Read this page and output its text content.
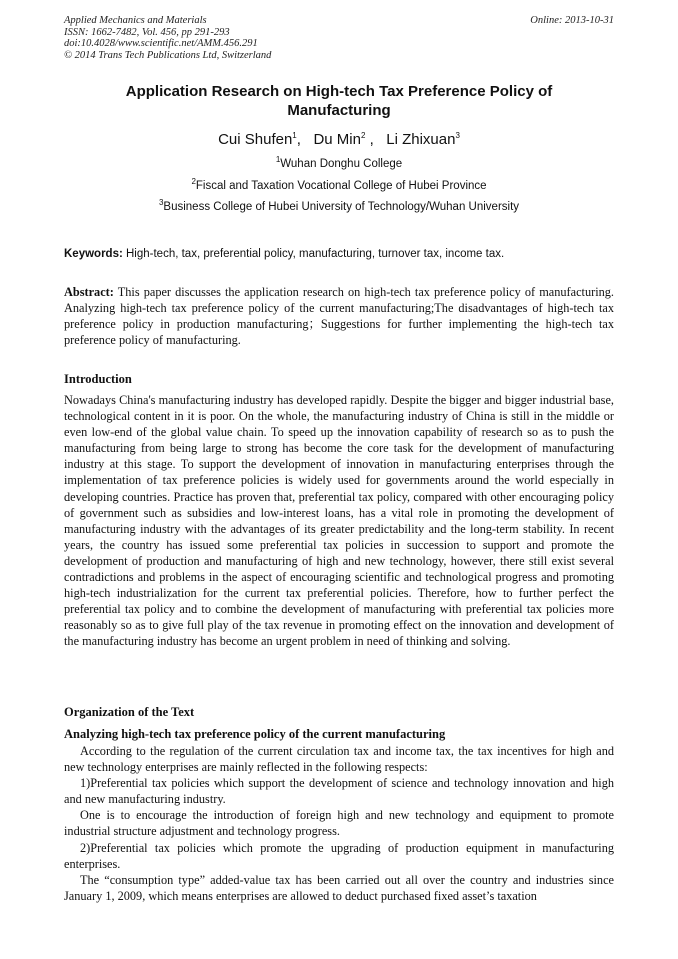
Applied Mechanics and Materials
ISSN: 1662-7482, Vol. 456, pp 291-293
doi:10.4028/www.scientific.net/AMM.456.291
© 2014 Trans Tech Publications Ltd, Switzerland
Online: 2013-10-31
Application Research on High-tech Tax Preference Policy of
Manufacturing
Cui Shufen$^1$,   Du Min$^2$ ,   Li Zhixuan$^3$
$^1$Wuhan Donghu College
$^2$Fiscal and Taxation Vocational College of Hubei Province
$^3$Business College of Hubei University of Technology/Wuhan University
Keywords: High-tech, tax, preferential policy, manufacturing, turnover tax, income tax.

Abstract: This paper discusses the application research on high-tech tax preference policy of manufacturing. Analyzing high-tech tax preference policy of the current manufacturing;The disadvantages of high-tech tax preference policy in production manufacturing；Suggestions for further implementing the high-tech tax preference policy of manufacturing.

Introduction

Nowadays China's manufacturing industry has developed rapidly. Despite the bigger and bigger industrial base, technological content in it is poor. On the whole, the manufacturing industry of China is still in the middle or even low-end of the global value chain. To speed up the innovation capability of research so as to push the manufacturing from being large to strong has become the core task for the development of manufacturing industry at this stage. To support the development of innovation in manufacturing enterprises through the implementation of tax preference policies is widely used for governments around the world especially in developing countries. Practice has proven that, preferential tax policy, compared with other encouraging policy of government such as subsidies and low-interest loans, has a vital role in promoting the development of manufacturing industry with the advantages of its greater predictability and the long-term stability. In recent years, the country has issued some preferential tax policies in succession to support and promote the development of production and manufacturing of high and new technology, however, there still exist several contradictions and problems in the aspect of encouraging scientific and technological progress and promoting high-tech industrialization for the current tax preferential policies. Therefore, how to further perfect the preferential tax policy and to combine the development of manufacturing with preferential tax policies more reasonably so as to give full play of the tax revenue in promoting effect on the innovation and development of the manufacturing industry has become an urgent problem in need of thinking and solving.

Organization of the Text
Analyzing high-tech tax preference policy of the current manufacturing

According to the regulation of the current circulation tax and income tax, the tax incentives for high and new technology enterprises are mainly reflected in the following respects:

1)Preferential tax policies which support the development of science and technology innovation and high and new manufacturing industry.

One is to encourage the introduction of foreign high and new technology and equipment to promote industrial structure adjustment and technology progress.

2)Preferential tax policies which promote the upgrading of production equipment in manufacturing enterprises.

The “consumption type” added-value tax has been carried out all over the country and industries since January 1, 2009, which means enterprises are allowed to deduct purchased fixed asset’s taxation
